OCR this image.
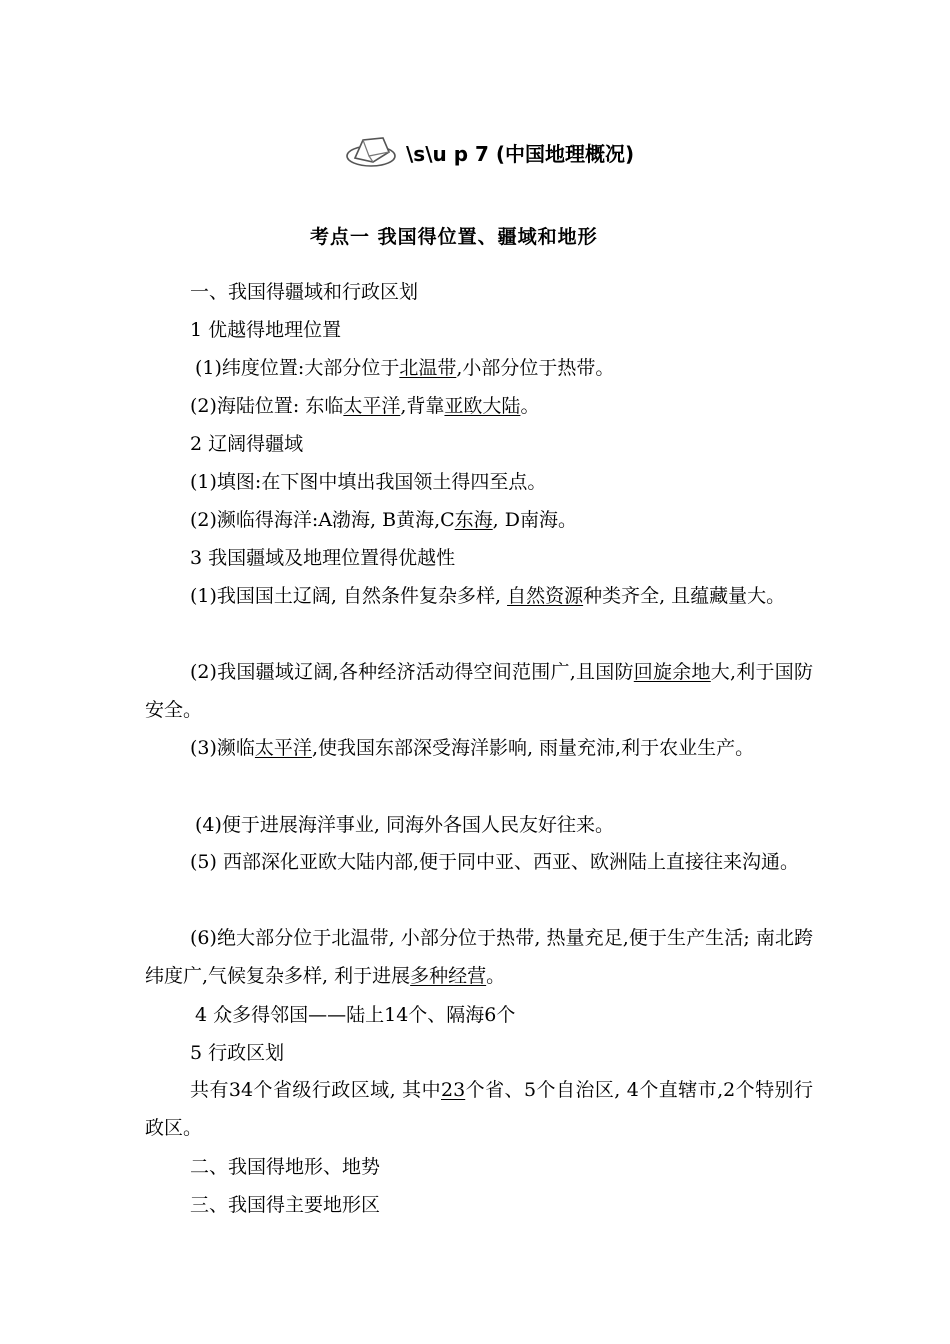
\s\u p 7 (中国地理概况)
考点一 我国得位置、疆域和地形
一、我国得疆域和行政区划
1 优越得地理位置
(1)纬度位置:大部分位于北温带,小部分位于热带。
(2)海陆位置: 东临太平洋,背靠亚欧大陆。
2 辽阔得疆域
(1)填图:在下图中填出我国领土得四至点。
(2)濒临得海洋:A渤海, B黄海,C东海, D南海。
3 我国疆域及地理位置得优越性
(1)我国国土辽阔, 自然条件复杂多样, 自然资源种类齐全, 且蕴藏量大。
(2)我国疆域辽阔,各种经济活动得空间范围广,且国防回旋余地大,利于国防安全。
(3)濒临太平洋,使我国东部深受海洋影响, 雨量充沛,利于农业生产。
(4)便于进展海洋事业, 同海外各国人民友好往来。
(5) 西部深化亚欧大陆内部,便于同中亚、西亚、欧洲陆上直接往来沟通。
(6)绝大部分位于北温带, 小部分位于热带, 热量充足,便于生产生活; 南北跨纬度广,气候复杂多样, 利于进展多种经营。
4 众多得邻国——陆上14个、隔海6个
5 行政区划
共有34个省级行政区域, 其中23个省、5个自治区, 4个直辖市,2个特别行政区。
二、我国得地形、地势
三、我国得主要地形区
